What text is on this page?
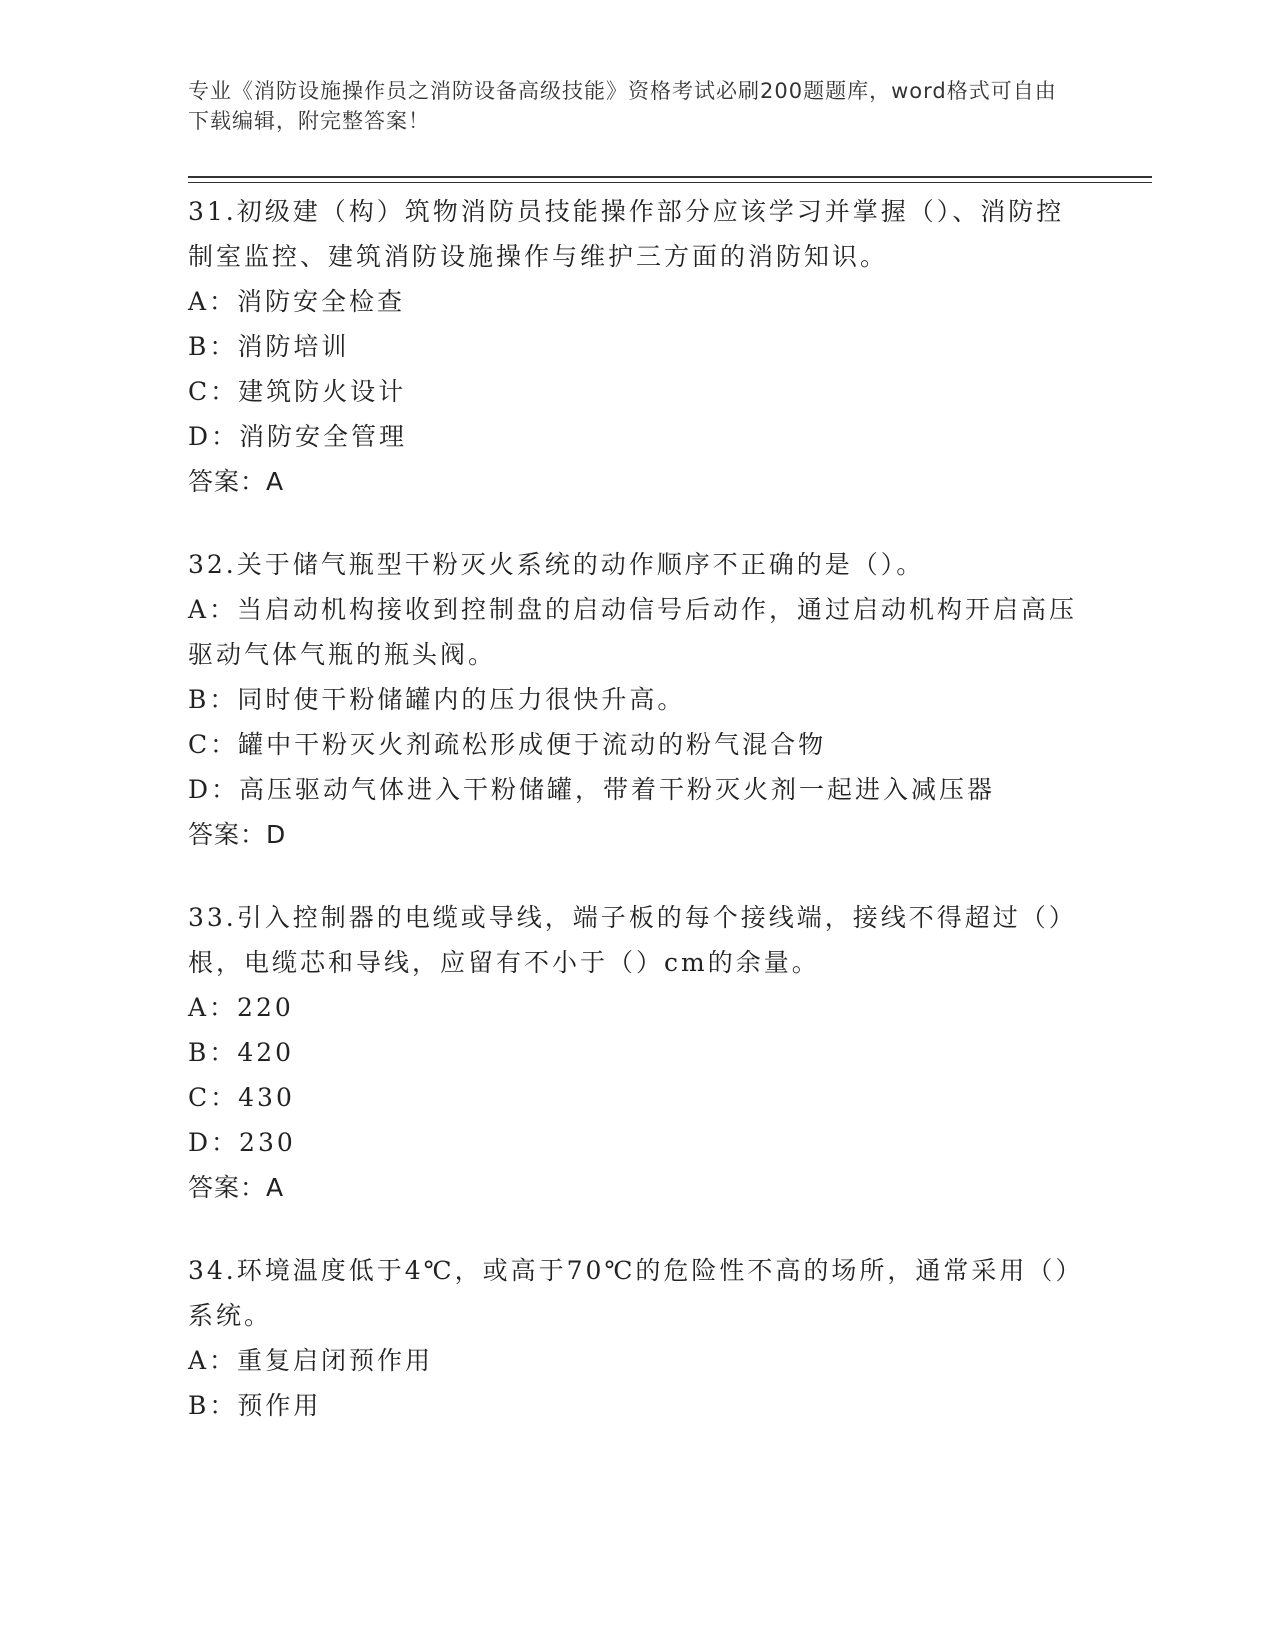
专业《消防设施操作员之消防设备高级技能》资格考试必刷200题题库，word格式可自由下载编辑，附完整答案！

31.初级建（构）筑物消防员技能操作部分应该学习并掌握（）、消防控制室监控、建筑消防设施操作与维护三方面的消防知识。

A：消防安全检查

B：消防培训

C：建筑防火设计

D：消防安全管理

答案：A

32.关于储气瓶型干粉灭火系统的动作顺序不正确的是（）。

A：当启动机构接收到控制盘的启动信号后动作，通过启动机构开启高压驱动气体气瓶的瓶头阀。

B：同时使干粉储罐内的压力很快升高。

C：罐中干粉灭火剂疏松形成便于流动的粉气混合物

D：高压驱动气体进入干粉储罐，带着干粉灭火剂一起进入减压器

答案：D

33.引入控制器的电缆或导线，端子板的每个接线端，接线不得超过（）根，电缆芯和导线，应留有不小于（）cm的余量。

A：220

B：420

C：430

D：230

答案：A

34.环境温度低于4℃，或高于70℃的危险性不高的场所，通常采用（）系统。

A：重复启闭预作用

B：预作用
